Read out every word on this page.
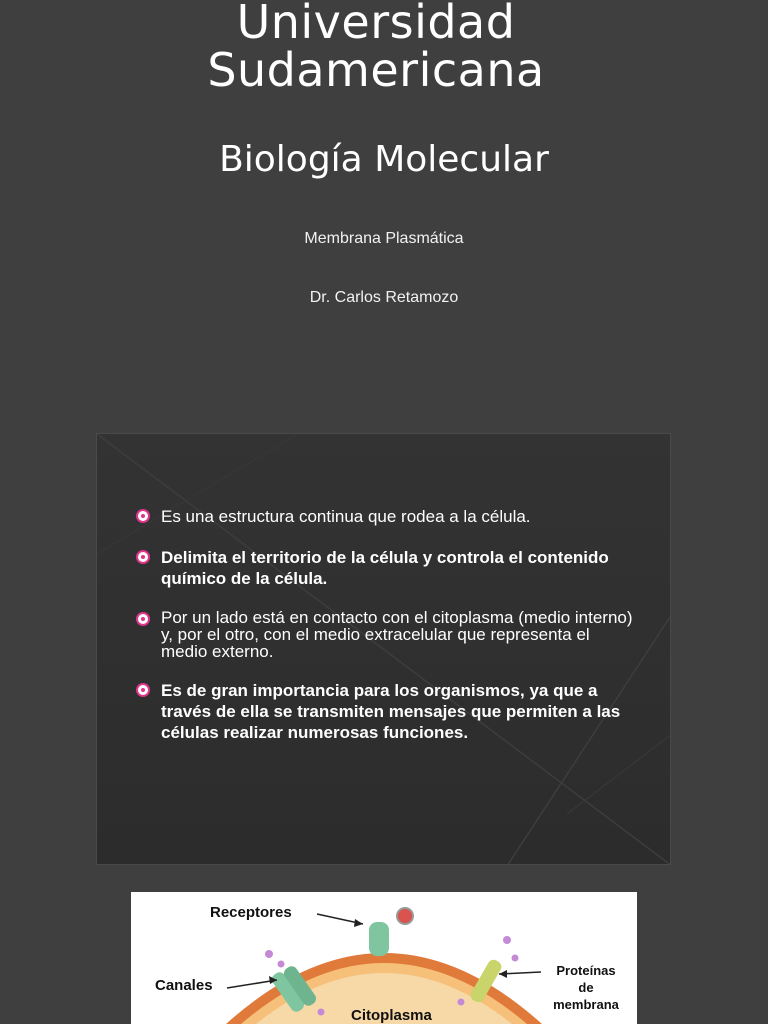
Universidad
Sudamericana
Biología Molecular
Membrana Plasmática
Dr. Carlos Retamozo
Es una estructura continua que rodea a la célula.
Delimita el territorio de la célula y controla el contenido químico de la célula.
Por un lado está en contacto con el citoplasma (medio interno) y, por el otro, con el medio extracelular que representa el medio externo.
Es de gran importancia para los organismos, ya que a través de ella se transmiten mensajes que permiten a las células realizar numerosas funciones.
Receptores
Canales
Proteínas
de
membrana
Citoplasma
